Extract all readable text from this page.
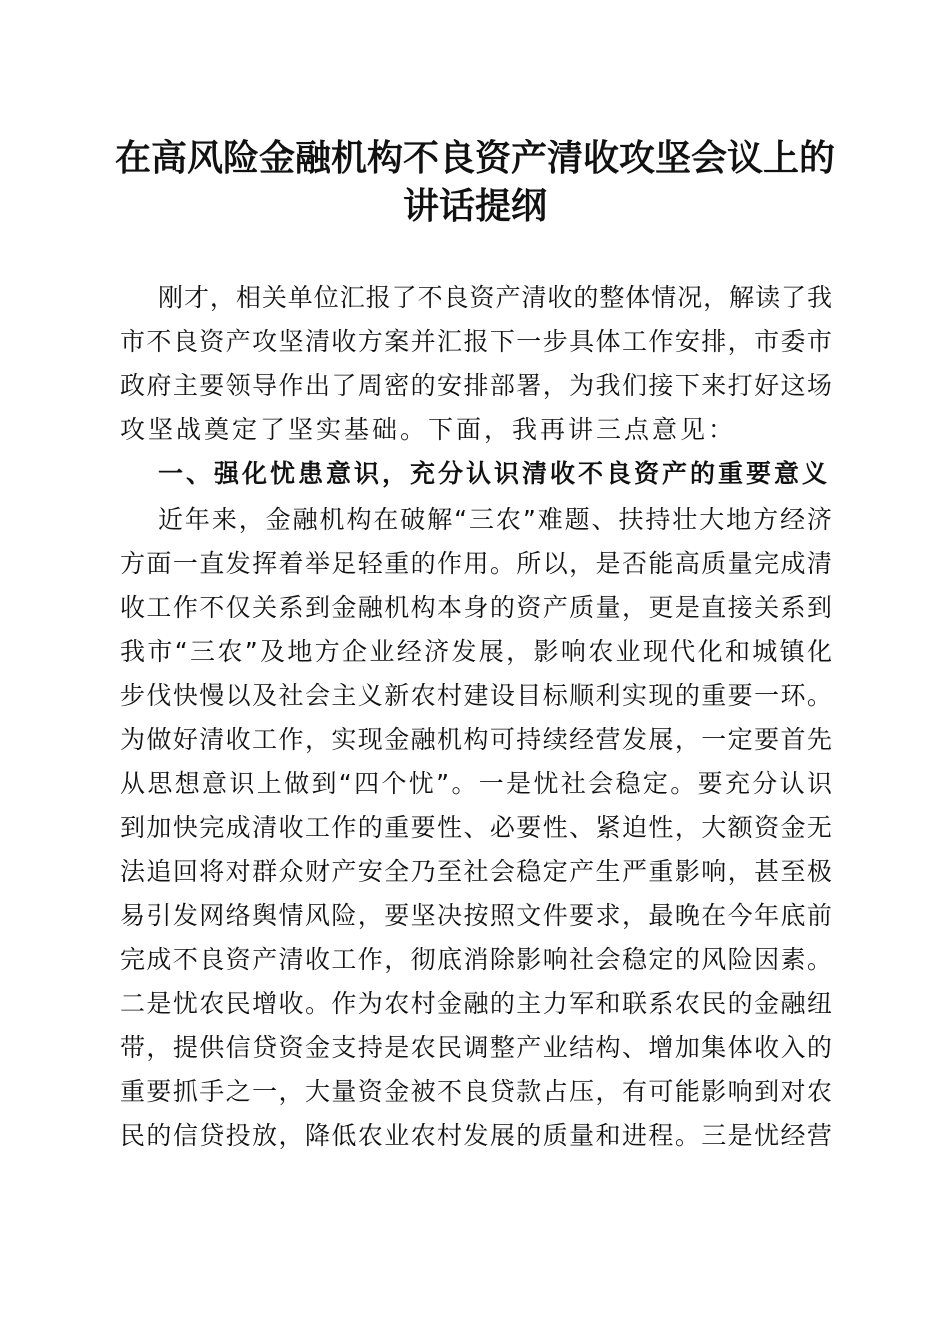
在高风险金融机构不良资产清收攻坚会议上的
讲话提纲

刚才，相关单位汇报了不良资产清收的整体情况，解读了我

市不良资产攻坚清收方案并汇报下一步具体工作安排，市委市

政府主要领导作出了周密的安排部署，为我们接下来打好这场

攻坚战奠定了坚实基础。下面，我再讲三点意见：

一、强化忧患意识，充分认识清收不良资产的重要意义

近年来，金融机构在破解“三农”难题、扶持壮大地方经济

方面一直发挥着举足轻重的作用。所以，是否能高质量完成清

收工作不仅关系到金融机构本身的资产质量，更是直接关系到

我市“三农”及地方企业经济发展，影响农业现代化和城镇化

步伐快慢以及社会主义新农村建设目标顺利实现的重要一环。

为做好清收工作，实现金融机构可持续经营发展，一定要首先

从思想意识上做到“四个忧”。一是忧社会稳定。要充分认识

到加快完成清收工作的重要性、必要性、紧迫性，大额资金无

法追回将对群众财产安全乃至社会稳定产生严重影响，甚至极

易引发网络舆情风险，要坚决按照文件要求，最晚在今年底前

完成不良资产清收工作，彻底消除影响社会稳定的风险因素。

二是忧农民增收。作为农村金融的主力军和联系农民的金融纽

带，提供信贷资金支持是农民调整产业结构、增加集体收入的

重要抓手之一，大量资金被不良贷款占压，有可能影响到对农

民的信贷投放，降低农业农村发展的质量和进程。三是忧经营
